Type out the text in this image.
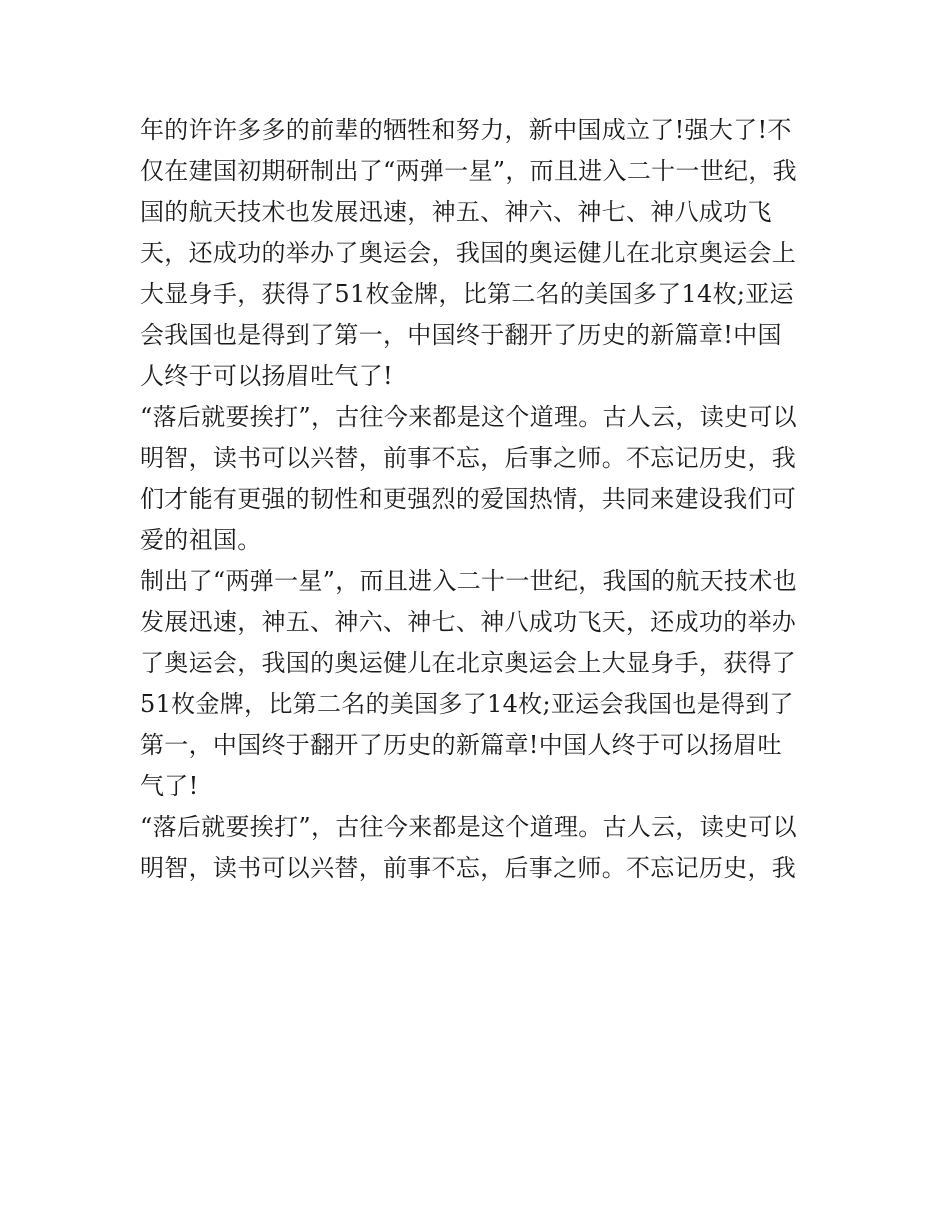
年的许许多多的前辈的牺牲和努力，新中国成立了!强大了!不
仅在建国初期研制出了“两弹一星”，而且进入二十一世纪，我
国的航天技术也发展迅速，神五、神六、神七、神八成功飞
天，还成功的举办了奥运会，我国的奥运健儿在北京奥运会上
大显身手，获得了51枚金牌，比第二名的美国多了14枚;亚运
会我国也是得到了第一，中国终于翻开了历史的新篇章!中国
人终于可以扬眉吐气了!
“落后就要挨打”，古往今来都是这个道理。古人云，读史可以
明智，读书可以兴替，前事不忘，后事之师。不忘记历史，我
们才能有更强的韧性和更强烈的爱国热情，共同来建设我们可
爱的祖国。
制出了“两弹一星”，而且进入二十一世纪，我国的航天技术也
发展迅速，神五、神六、神七、神八成功飞天，还成功的举办
了奥运会，我国的奥运健儿在北京奥运会上大显身手，获得了
51枚金牌，比第二名的美国多了14枚;亚运会我国也是得到了
第一，中国终于翻开了历史的新篇章!中国人终于可以扬眉吐
气了!
“落后就要挨打”，古往今来都是这个道理。古人云，读史可以
明智，读书可以兴替，前事不忘，后事之师。不忘记历史，我
